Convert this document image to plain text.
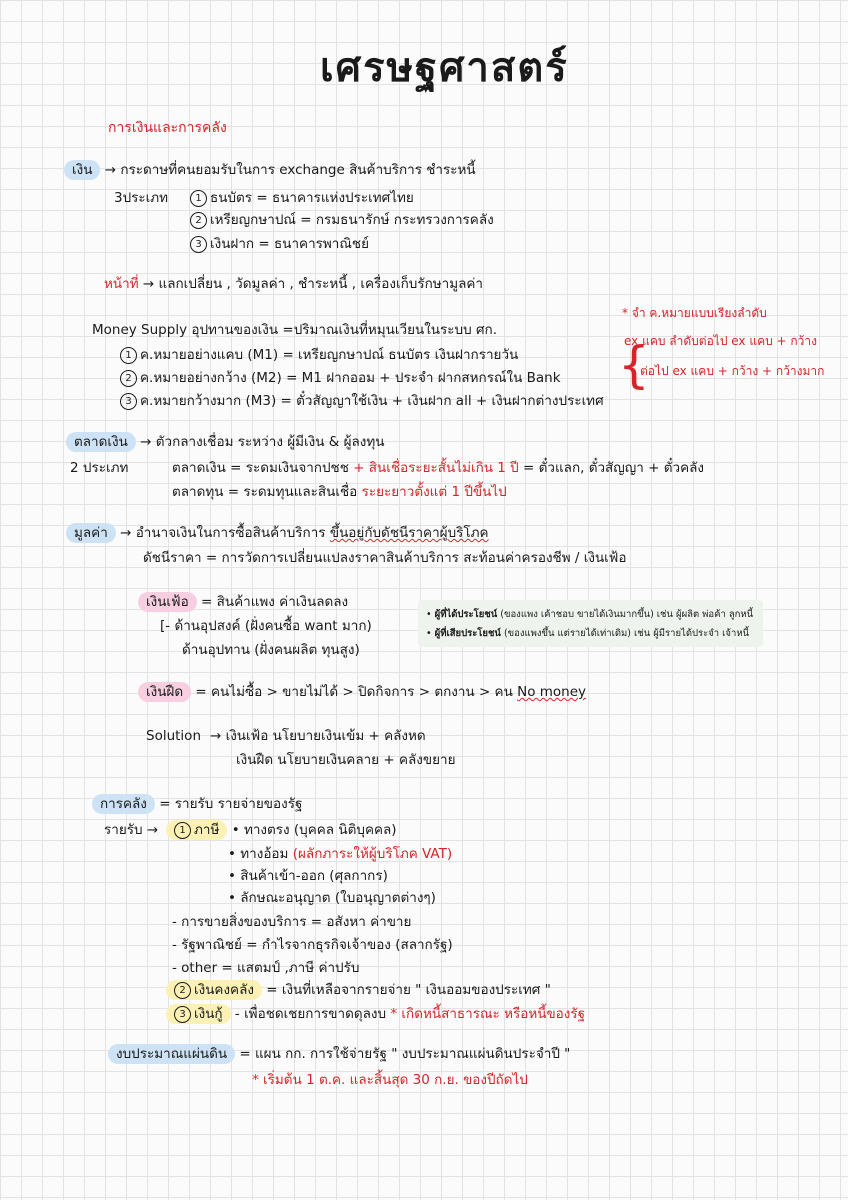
เศรษฐศาสตร์
การเงินและการคลัง
เงิน → กระดาษที่คนยอมรับในการ exchange สินค้าบริการ ชำระหนี้
3ประเภท	1 ธนบัตร = ธนาคารแห่งประเทศไทย
2 เหรียญกษาปณ์ = กรมธนารักษ์ กระทรวงการคลัง
3 เงินฝาก = ธนาคารพาณิชย์
หน้าที่ → แลกเปลี่ยน , วัดมูลค่า , ชำระหนี้ , เครื่องเก็บรักษามูลค่า
Money Supply อุปทานของเงิน =ปริมาณเงินที่หมุนเวียนในระบบ ศก.
1 ค.หมายอย่างแคบ (M1) = เหรียญกษาปณ์ ธนบัตร เงินฝากรายวัน
2 ค.หมายอย่างกว้าง (M2) = M1 ฝากออม + ประจำ ฝากสหกรณ์ใน Bank
3 ค.หมายกว้างมาก (M3) = ตั๋วสัญญาใช้เงิน + เงินฝาก all + เงินฝากต่างประเทศ
{
* จำ ค.หมายแบบเรียงลำดับ
ex แคบ ลำดับต่อไป ex แคบ + กว้าง
ต่อไป ex แคบ + กว้าง + กว้างมาก
ตลาดเงิน → ตัวกลางเชื่อม ระหว่าง ผู้มีเงิน & ผู้ลงทุน
2 ประเภท	ตลาดเงิน = ระดมเงินจากปชช + สินเชื่อระยะสั้นไม่เกิน 1 ปี = ตั๋วแลก, ตั๋วสัญญา + ตั๋วคลัง
ตลาดทุน = ระดมทุนและสินเชื่อ ระยะยาวตั้งแต่ 1 ปีขึ้นไป
มูลค่า → อำนาจเงินในการซื้อสินค้าบริการ ขึ้นอยู่กับดัชนีราคาผู้บริโภค
ดัชนีราคา = การวัดการเปลี่ยนแปลงราคาสินค้าบริการ สะท้อนค่าครองชีพ / เงินเฟ้อ
เงินเฟ้อ = สินค้าแพง ค่าเงินลดลง
[- ด้านอุปสงค์ (ฝั่งคนซื้อ want มาก)
ด้านอุปทาน (ฝั่งคนผลิต ทุนสูง)
• ผู้ที่ได้ประโยชน์ (ของแพง เค้าชอบ ขายได้เงินมากขึ้น) เช่น ผู้ผลิต พ่อค้า ลูกหนี้
• ผู้ที่เสียประโยชน์ (ของแพงขึ้น แต่รายได้เท่าเดิม) เช่น ผู้มีรายได้ประจำ เจ้าหนี้
เงินฝืด = คนไม่ซื้อ > ขายไม่ได้ > ปิดกิจการ > ตกงาน > คน No money
Solution → เงินเฟ้อ นโยบายเงินเข้ม + คลังหด
เงินฝืด นโยบายเงินคลาย + คลังขยาย
การคลัง = รายรับ รายจ่ายของรัฐ
รายรับ →	1 ภาษี • ทางตรง (บุคคล นิติบุคคล)
• ทางอ้อม (ผลักภาระให้ผู้บริโภค VAT)
• สินค้าเข้า-ออก (ศุลกากร)
• ลักษณะอนุญาต (ใบอนุญาตต่างๆ)
- การขายสิ่งของบริการ = อสังหา ค่าขาย
- รัฐพาณิชย์ = กำไรจากธุรกิจเจ้าของ (สลากรัฐ)
- other = แสตมป์ ,ภาษี ค่าปรับ
2 เงินคงคลัง = เงินที่เหลือจากรายจ่าย " เงินออมของประเทศ "
3 เงินกู้ - เพื่อชดเชยการขาดดุลงบ * เกิดหนี้สาธารณะ หรือหนี้ของรัฐ
งบประมาณแผ่นดิน = แผน กก. การใช้จ่ายรัฐ " งบประมาณแผ่นดินประจำปี "
* เริ่มต้น 1 ต.ค. และสิ้นสุด 30 ก.ย. ของปีถัดไป
